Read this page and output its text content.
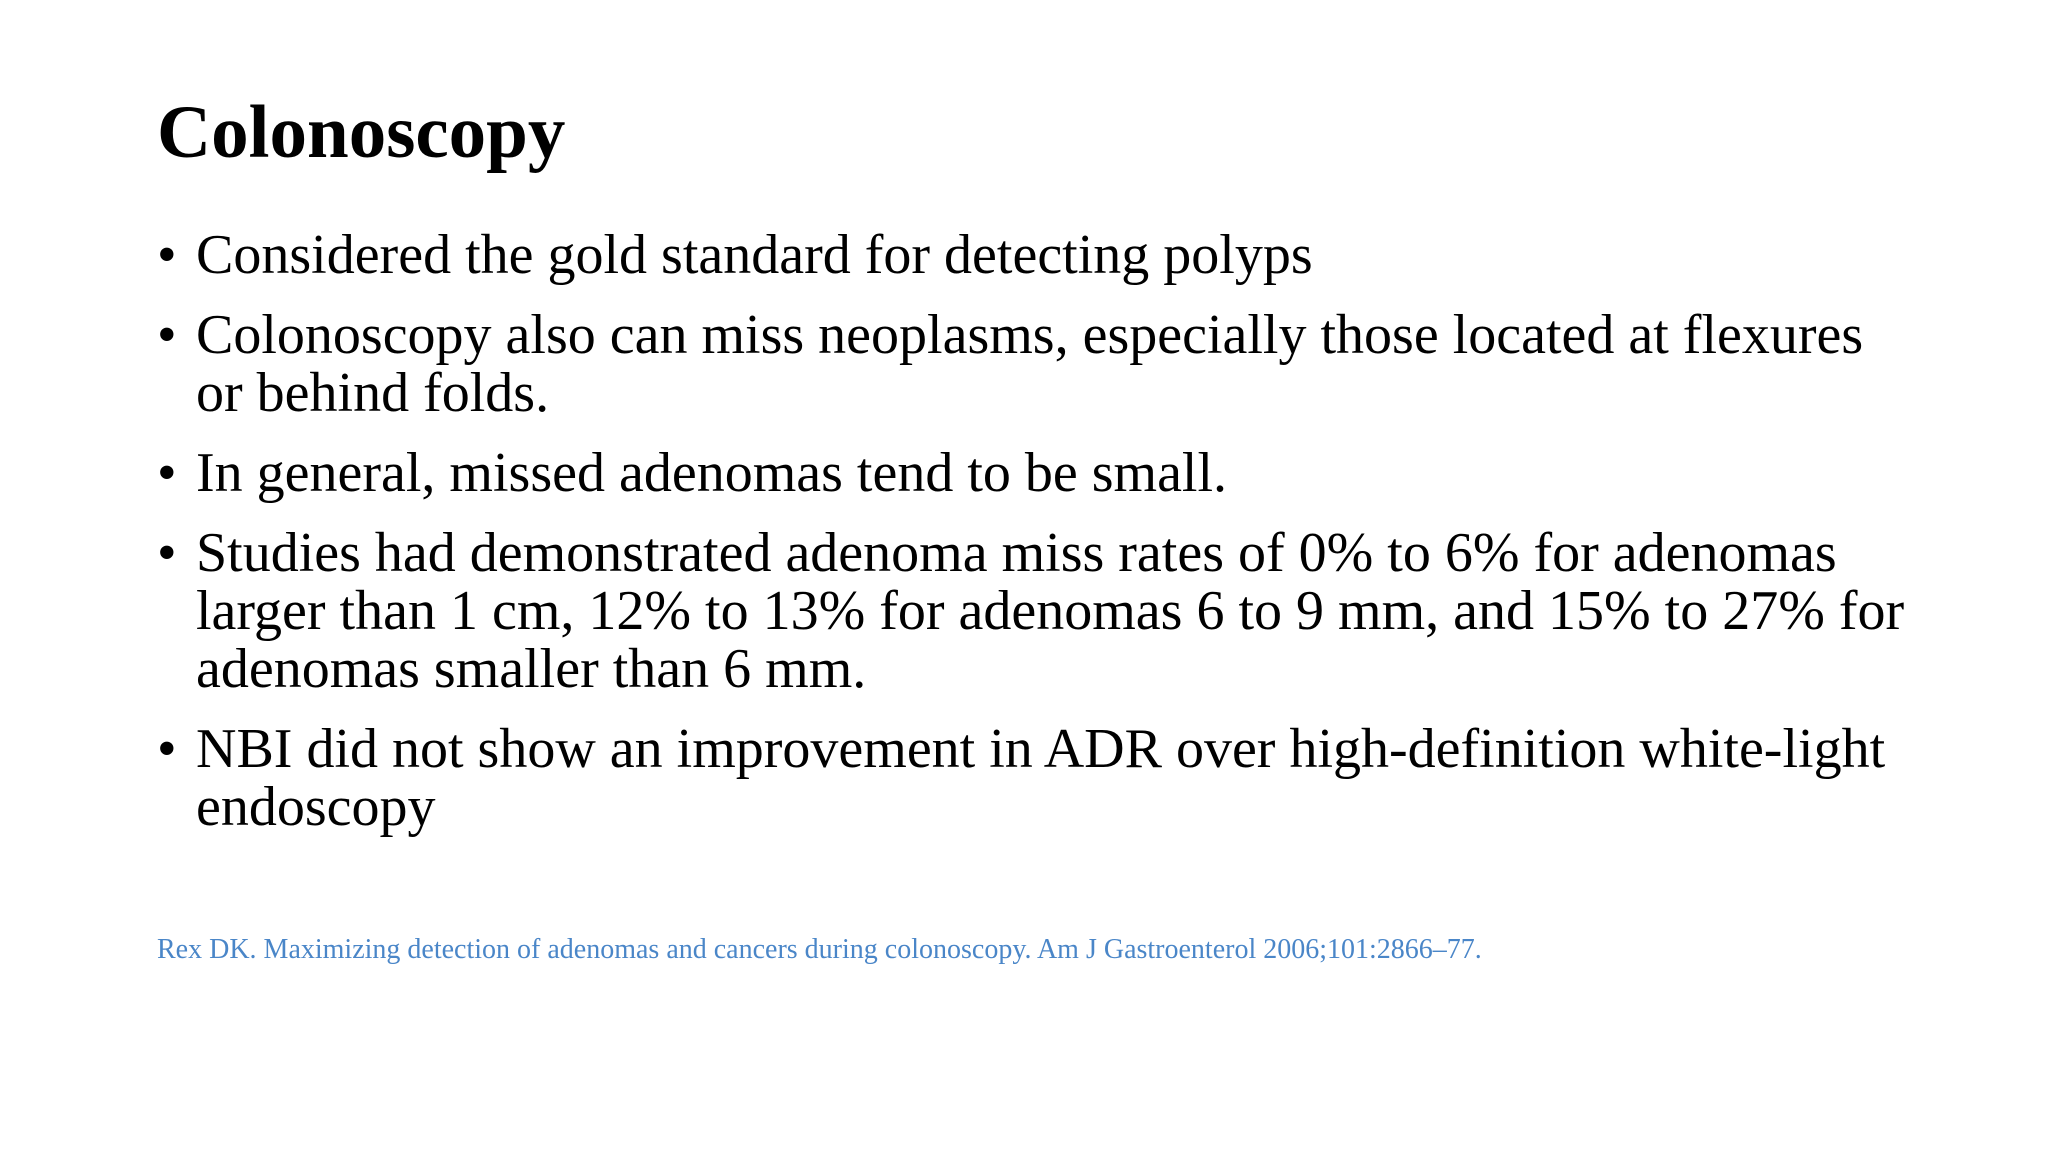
Colonoscopy
• Considered the gold standard for detecting polyps
• Colonoscopy also can miss neoplasms, especially those located at flexures or behind folds.
• In general, missed adenomas tend to be small.
• Studies had demonstrated adenoma miss rates of 0% to 6% for adenomas larger than 1 cm, 12% to 13% for adenomas 6 to 9 mm, and 15% to 27% for adenomas smaller than 6 mm.
• NBI did not show an improvement in ADR over high-definition white-light endoscopy

Rex DK. Maximizing detection of adenomas and cancers during colonoscopy. Am J Gastroenterol 2006;101:2866–77.
